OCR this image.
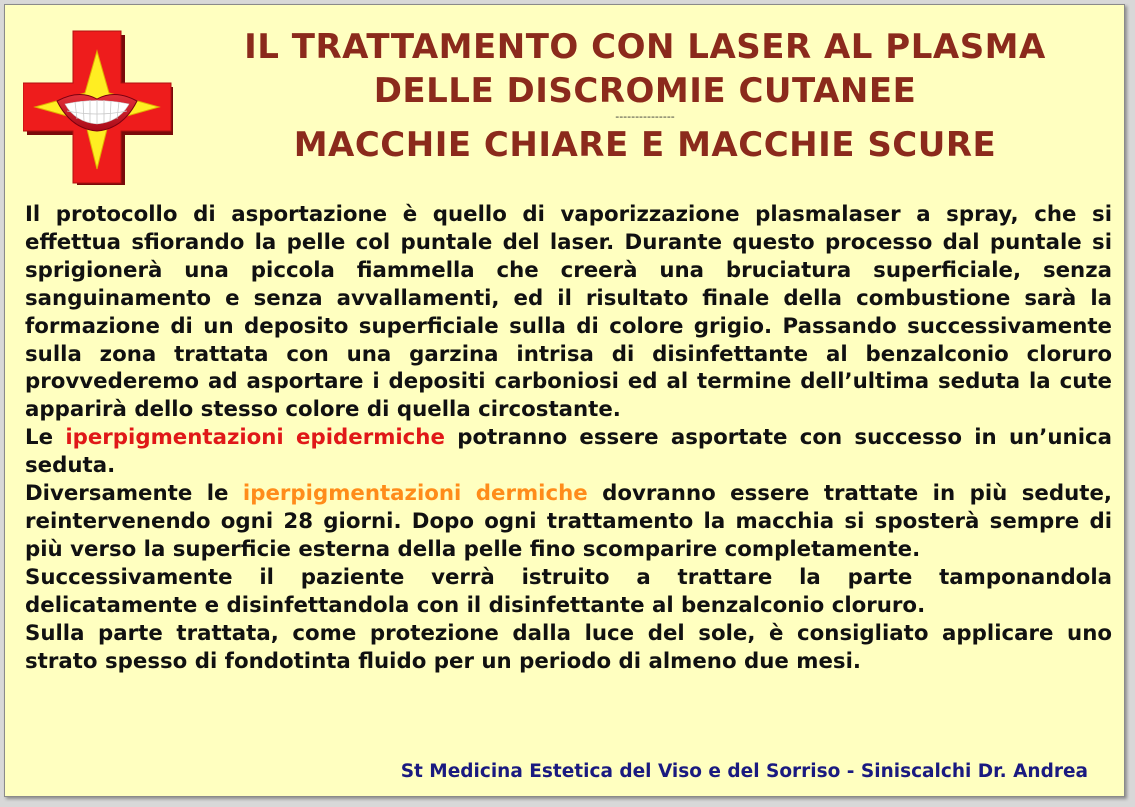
IL TRATTAMENTO CON LASER AL PLASMA
DELLE DISCROMIE CUTANEE
---------------
MACCHIE CHIARE E MACCHIE SCURE

Il protocollo di asportazione è quello di vaporizzazione plasmalaser a spray, che si effettua sfiorando la pelle col puntale del laser. Durante questo processo dal puntale si sprigionerà una piccola fiammella che creerà una bruciatura superficiale, senza sanguinamento e senza avvallamenti, ed il risultato finale della combustione sarà la formazione di un deposito superficiale sulla di colore grigio. Passando successivamente sulla zona trattata con una garzina intrisa di disinfettante al benzalconio cloruro provvederemo ad asportare i depositi carboniosi ed al termine dell’ultima seduta la cute apparirà dello stesso colore di quella circostante.

Le iperpigmentazioni epidermiche potranno essere asportate con successo in un’unica seduta.

Diversamente le iperpigmentazioni dermiche dovranno essere trattate in più sedute, reintervenendo ogni 28 giorni. Dopo ogni trattamento la macchia si sposterà sempre di più verso la superficie esterna della pelle fino scomparire completamente.

Successivamente il paziente verrà istruito a trattare la parte tamponandola delicatamente e disinfettandola con il disinfettante al benzalconio cloruro.

Sulla parte trattata, come protezione dalla luce del sole, è consigliato applicare uno strato spesso di fondotinta fluido per un periodo di almeno due mesi.

St Medicina Estetica del Viso e del Sorriso - Siniscalchi Dr. Andrea
